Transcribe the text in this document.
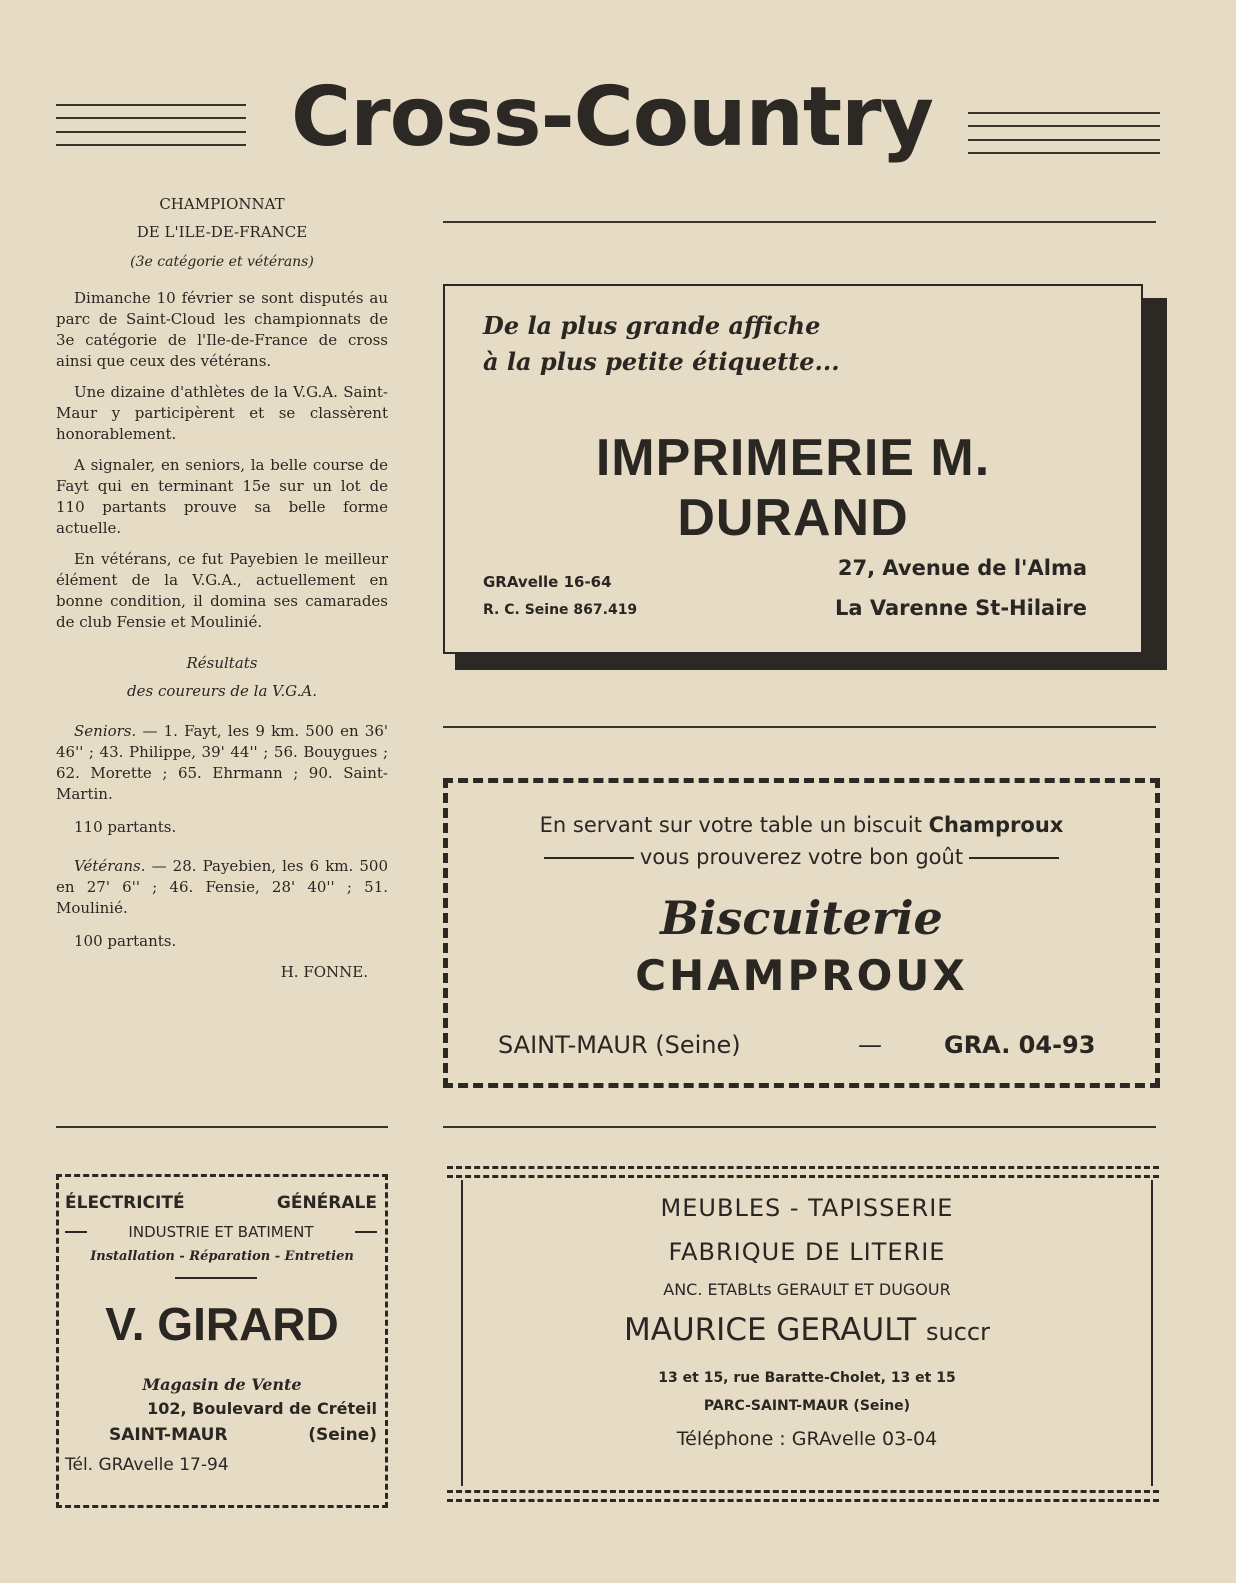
Cross-Country
CHAMPIONNAT
DE L'ILE-DE-FRANCE
(3e catégorie et vétérans)

Dimanche 10 février se sont disputés au parc de Saint-Cloud les championnats de 3e catégorie de l'Ile-de-France de cross ainsi que ceux des vétérans.

Une dizaine d'athlètes de la V.G.A. Saint-Maur y participèrent et se classèrent honorablement.

A signaler, en seniors, la belle course de Fayt qui en terminant 15e sur un lot de 110 partants prouve sa belle forme actuelle.

En vétérans, ce fut Payebien le meilleur élément de la V.G.A., actuellement en bonne condition, il domina ses camarades de club Fensie et Moulinié.

Résultats
des coureurs de la V.G.A.

Seniors. — 1. Fayt, les 9 km. 500 en 36' 46'' ; 43. Philippe, 39' 44'' ; 56. Bouygues ; 62. Morette ; 65. Ehrmann ; 90. Saint-Martin.

110 partants.

Vétérans. — 28. Payebien, les 6 km. 500 en 27' 6'' ; 46. Fensie, 28' 40'' ; 51. Moulinié.

100 partants.

H. FONNE.

De la plus grande affiche
à la plus petite étiquette...
IMPRIMERIE M. DURAND
GRAvelle 16-64
R. C. Seine 867.419
27, Avenue de l'Alma
La Varenne St-Hilaire
En servant sur votre table un biscuit Champroux
vous prouverez votre bon goût
Biscuiterie
CHAMPROUX
SAINT-MAUR (Seine)	—	GRA. 04-93
ÉLECTRICITÉ	GÉNÉRALE
INDUSTRIE ET BATIMENT
Installation - Réparation - Entretien
V. GIRARD
Magasin de Vente
102, Boulevard de Créteil
SAINT-MAUR	(Seine)
Tél. GRAvelle 17-94
MEUBLES - TAPISSERIE
FABRIQUE DE LITERIE
ANC. ETABLts GERAULT ET DUGOUR
MAURICE GERAULT succr
13 et 15, rue Baratte-Cholet, 13 et 15
PARC-SAINT-MAUR (Seine)
Téléphone : GRAvelle 03-04
